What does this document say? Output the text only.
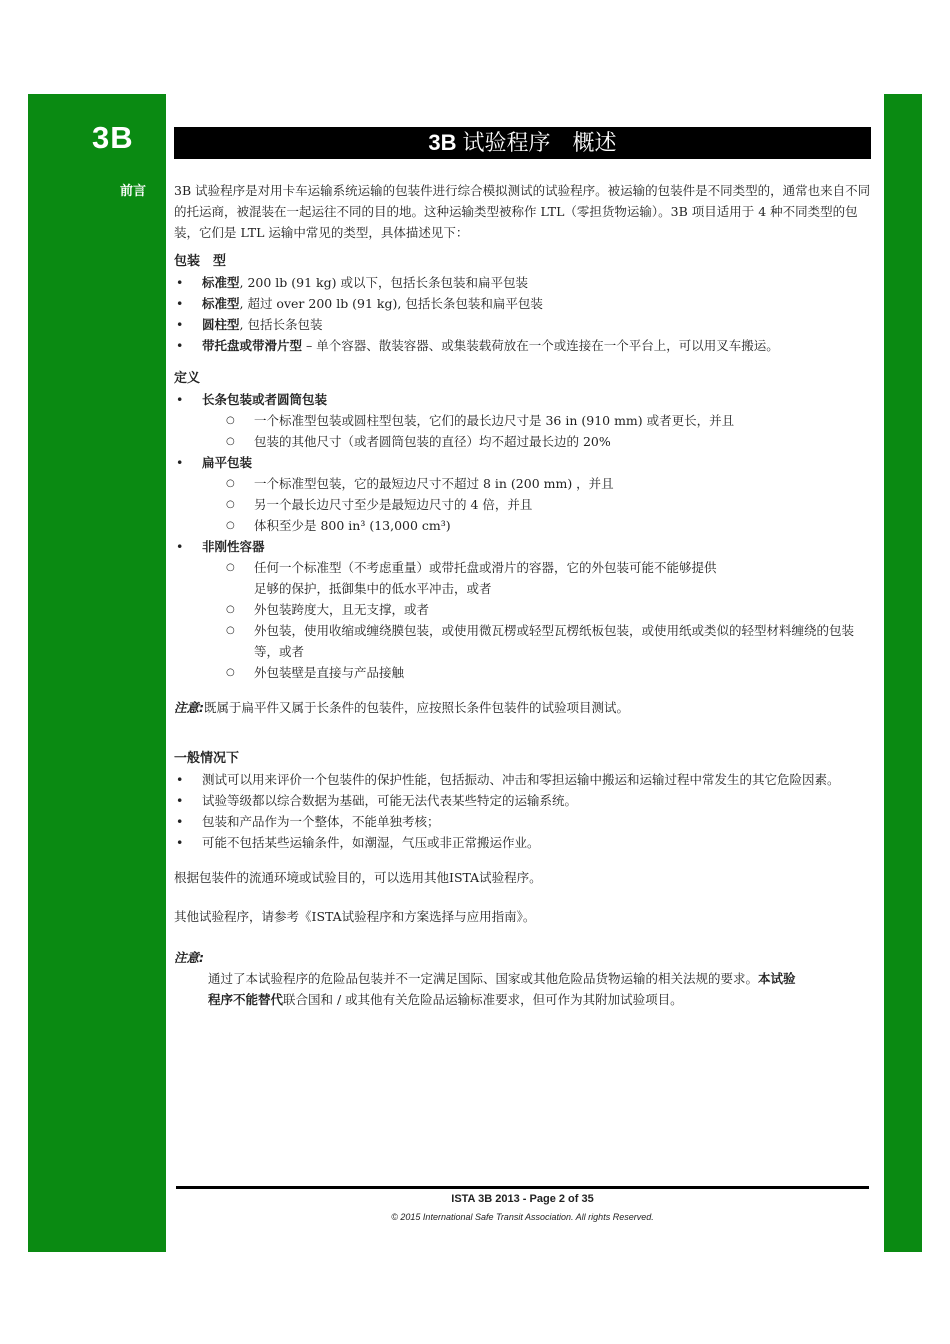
3B
前言
3B 试验程序　概述

3B 试验程序是对用卡车运输系统运输的包装件进行综合模拟测试的试验程序。被运输的包装件是不同类型的，通常也来自不同的托运商，被混装在一起运往不同的目的地。这种运输类型被称作 LTL（零担货物运输）。3B 项目适用于 4 种不同类型的包装，它们是 LTL 运输中常见的类型，具体描述见下：

包装　型

• 标准型, 200 lb (91 kg) 或以下，包括长条包装和扁平包装
• 标准型, 超过 over 200 lb (91 kg), 包括长条包装和扁平包装
• 圆柱型, 包括长条包装
• 带托盘或带滑片型 – 单个容器、散装容器、或集装载荷放在一个或连接在一个平台上，可以用叉车搬运。

定义

• 长条包装或者圆筒包装
○ 一个标准型包装或圆柱型包装，它们的最长边尺寸是 36 in (910 mm) 或者更长，并且
○ 包装的其他尺寸（或者圆筒包装的直径）均不超过最长边的 20%
• 扁平包装
○ 一个标准型包装，它的最短边尺寸不超过 8 in (200 mm) ，并且
○ 另一个最长边尺寸至少是最短边尺寸的 4 倍，并且
○ 体积至少是 800 in³ (13,000 cm³)
• 非刚性容器
○ 任何一个标准型（不考虑重量）或带托盘或滑片的容器，它的外包装可能不能够提供足够的保护，抵御集中的低水平冲击，或者
○ 外包装跨度大，且无支撑，或者
○ 外包装，使用收缩或缠绕膜包装，或使用微瓦楞或轻型瓦楞纸板包装，或使用纸或类似的轻型材料缠绕的包装等，或者
○ 外包装壁是直接与产品接触

注意:既属于扁平件又属于长条件的包装件，应按照长条件包装件的试验项目测试。

一般情况下

• 测试可以用来评价一个包装件的保护性能，包括振动、冲击和零担运输中搬运和运输过程中常发生的其它危险因素。
• 试验等级都以综合数据为基础，可能无法代表某些特定的运输系统。
• 包装和产品作为一个整体，不能单独考核；
• 可能不包括某些运输条件，如潮湿，气压或非正常搬运作业。

根据包装件的流通环境或试验目的，可以选用其他ISTA试验程序。

其他试验程序，请参考《ISTA试验程序和方案选择与应用指南》。

注意:

通过了本试验程序的危险品包装并不一定满足国际、国家或其他危险品货物运输的相关法规的要求。本试验程序不能替代联合国和 / 或其他有关危险品运输标准要求，但可作为其附加试验项目。

ISTA 3B 2013 - Page 2 of 35
© 2015 International Safe Transit Association. All rights Reserved.
